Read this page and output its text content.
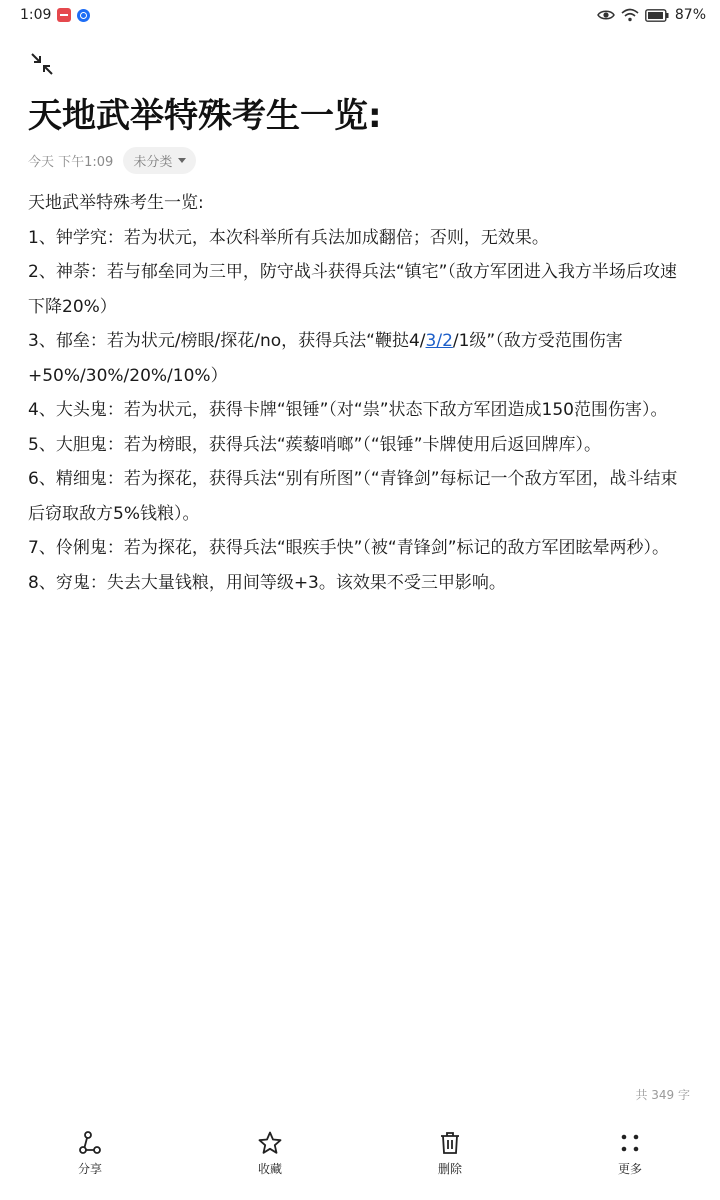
1:09	87%
天地武举特殊考生一览:
今天 下午1:09 未分类

天地武举特殊考生一览:

1、钟学究：若为状元，本次科举所有兵法加成翻倍；否则，无效果。

2、神荼：若与郁垒同为三甲，防守战斗获得兵法“镇宅”（敌方军团进入我方半场后攻速下降20%）

3、郁垒：若为状元/榜眼/探花/no，获得兵法“鞭挞4/3/2/1级”（敌方受范围伤害+50%/30%/20%/10%）

4、大头鬼：若为状元，获得卡牌“银锤”（对“祟”状态下敌方军团造成150范围伤害）。

5、大胆鬼：若为榜眼，获得兵法“蒺藜哨啷”（“银锤”卡牌使用后返回牌库）。

6、精细鬼：若为探花，获得兵法“别有所图”（“青锋剑”每标记一个敌方军团，战斗结束后窃取敌方5%钱粮）。

7、伶俐鬼：若为探花，获得兵法“眼疾手快”（被“青锋剑”标记的敌方军团眩晕两秒）。

8、穷鬼：失去大量钱粮，用间等级+3。该效果不受三甲影响。

共 349 字
分享	收藏	删除	更多
